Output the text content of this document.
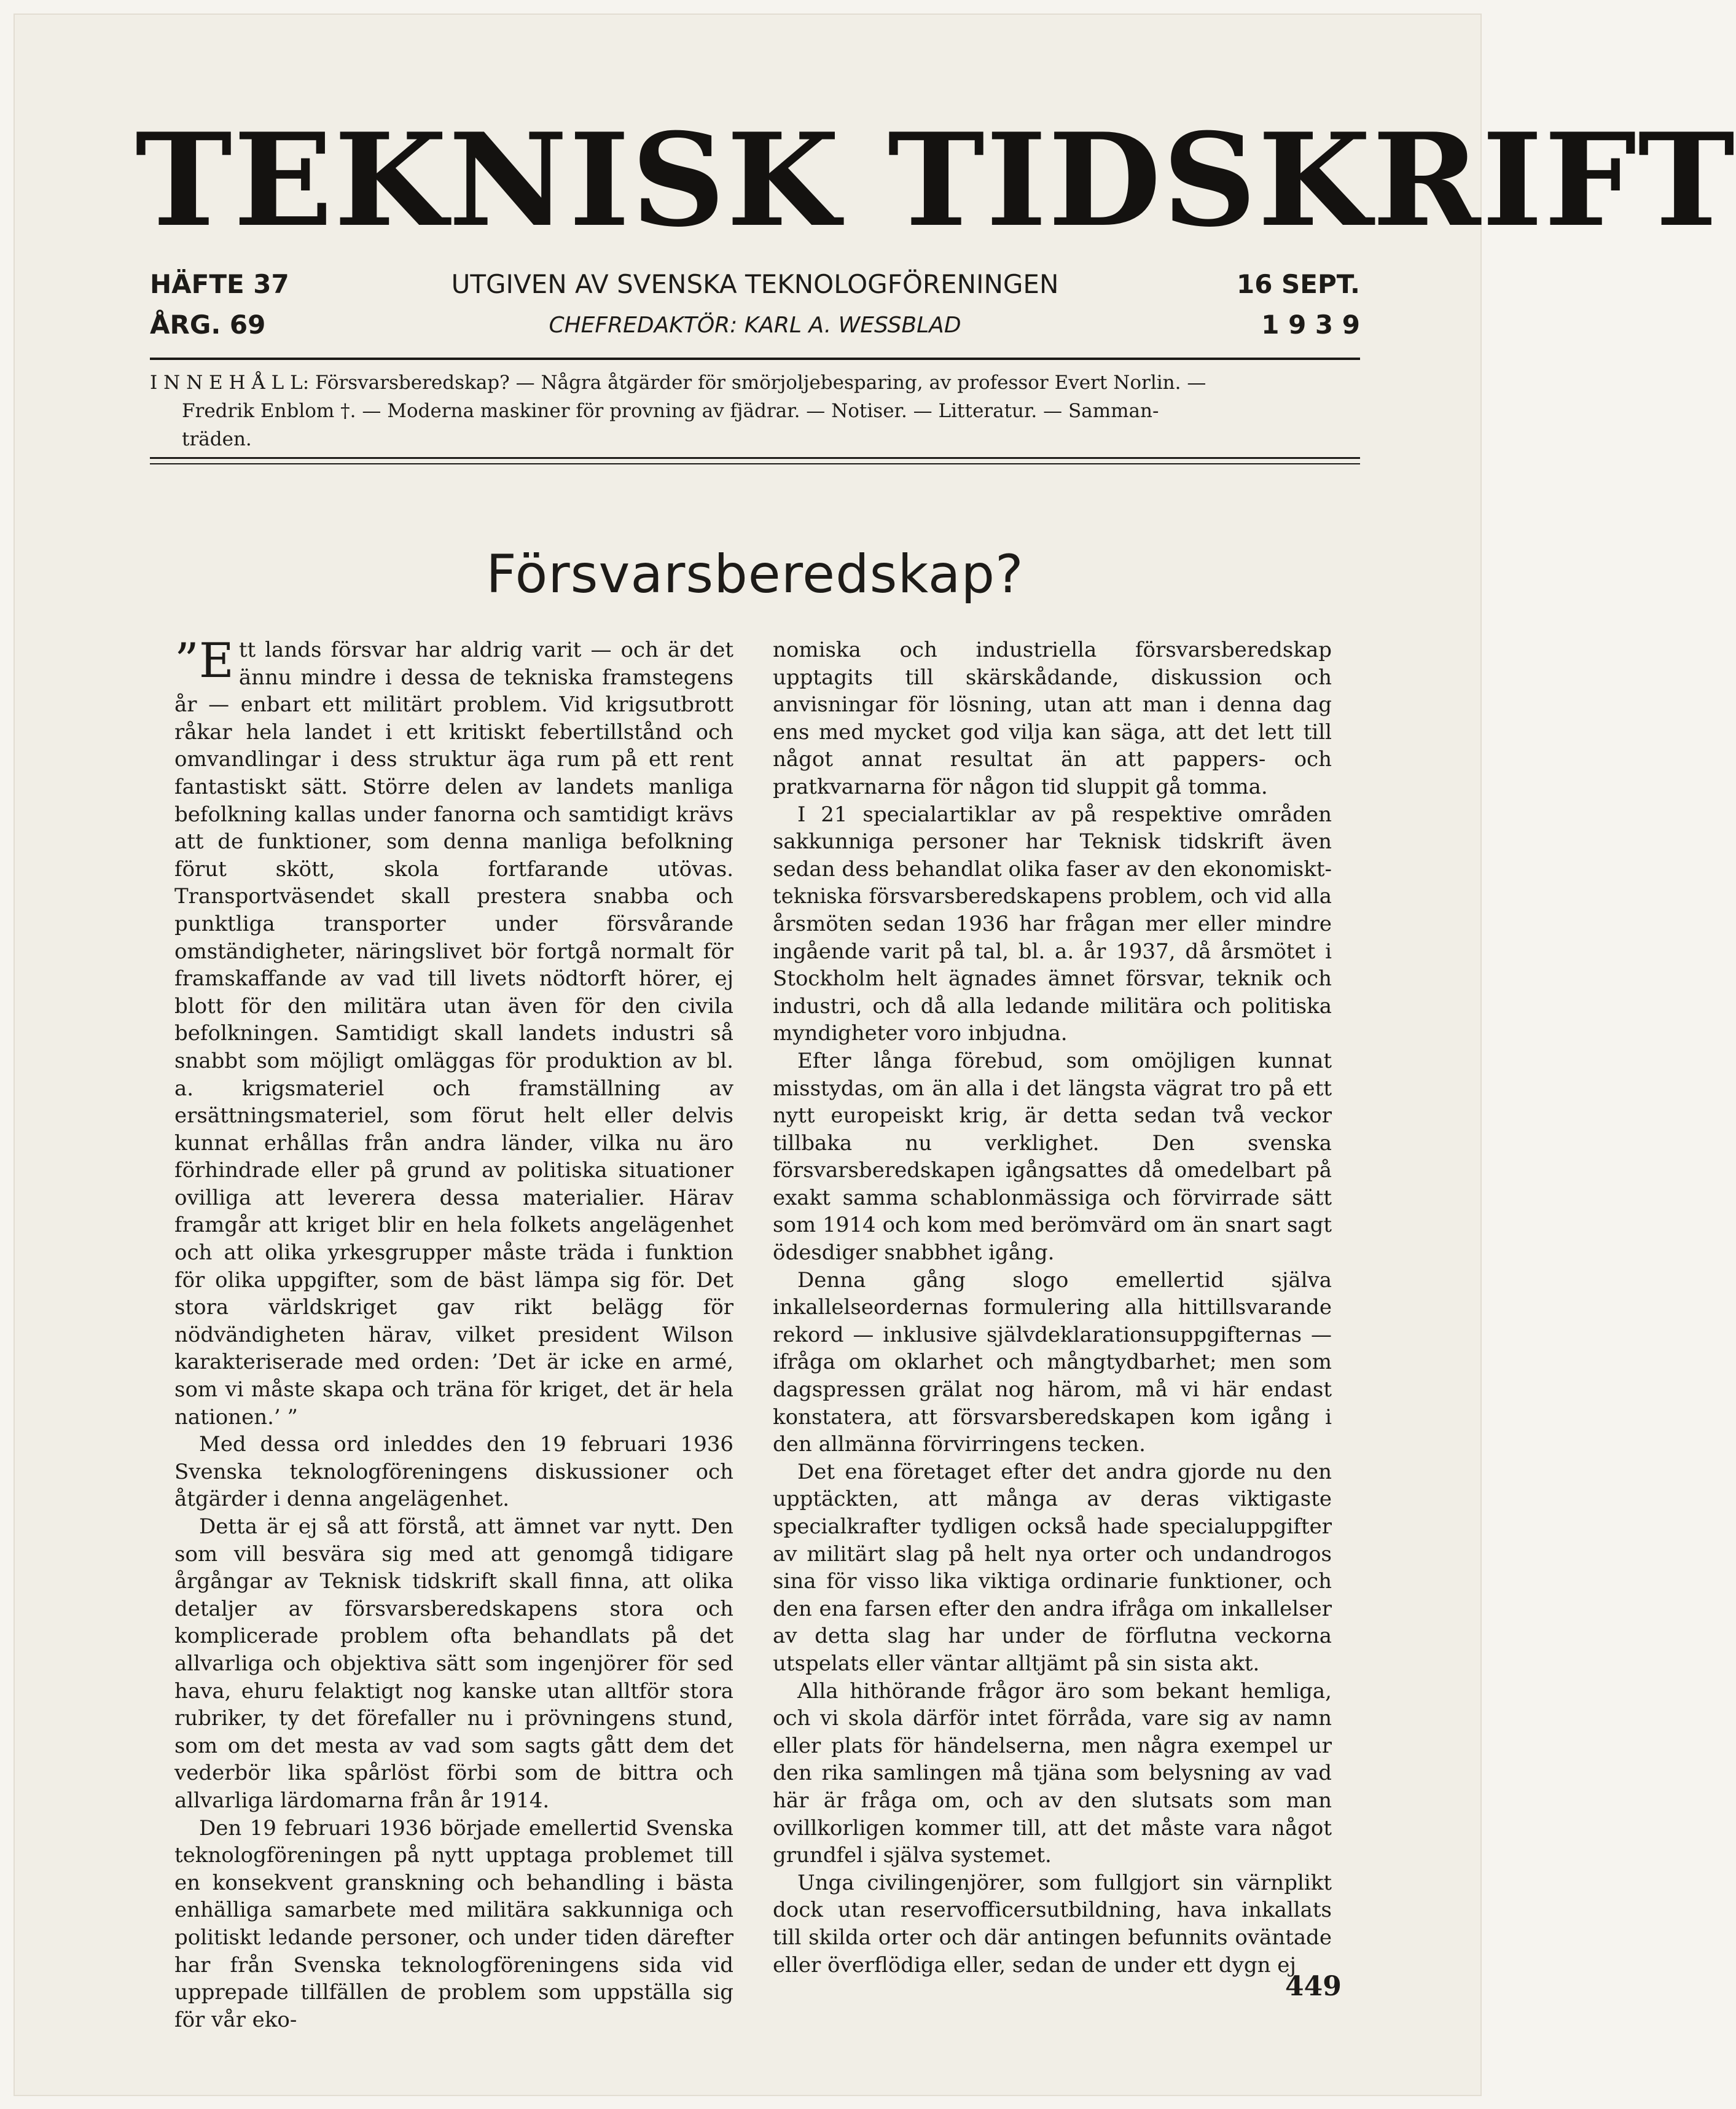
TEKNISK TIDSKRIFT
HÄFTE 37	UTGIVEN AV SVENSKA TEKNOLOGFÖRENINGEN	16 SEPT.
ÅRG. 69	CHEFREDAKTÖR: KARL A. WESSBLAD	1 9 3 9
I N N E H Å L L: Försvarsberedskap? — Några åtgärder för smörjoljebesparing, av professor Evert Norlin. —
Fredrik Enblom †. — Moderna maskiner för provning av fjädrar. — Notiser. — Litteratur. — Samman-
träden.
Försvarsberedskap?

”E tt lands försvar har aldrig varit — och är det ännu mindre i dessa de tekniska framstegens år — enbart ett militärt problem. Vid krigsutbrott råkar hela landet i ett kritiskt febertillstånd och omvandlingar i dess struktur äga rum på ett rent fantastiskt sätt. Större delen av landets manliga befolkning kallas under fanorna och samtidigt krävs att de funktioner, som denna manliga befolkning förut skött, skola fortfarande utövas. Transportväsendet skall prestera snabba och punktliga transporter under försvårande omständigheter, näringslivet bör fortgå normalt för framskaffande av vad till livets nödtorft hörer, ej blott för den militära utan även för den civila befolkningen. Samtidigt skall landets industri så snabbt som möjligt omläggas för produktion av bl. a. krigsmateriel och framställning av ersättningsmateriel, som förut helt eller delvis kunnat erhållas från andra länder, vilka nu äro förhindrade eller på grund av politiska situationer ovilliga att leverera dessa materialier. Härav framgår att kriget blir en hela folkets angelägenhet och att olika yrkesgrupper måste träda i funktion för olika uppgifter, som de bäst lämpa sig för. Det stora världskriget gav rikt belägg för nödvändigheten härav, vilket president Wilson karakteriserade med orden: ’Det är icke en armé, som vi måste skapa och träna för kriget, det är hela nationen.’ ”

Med dessa ord inleddes den 19 februari 1936 Svenska teknologföreningens diskussioner och åtgärder i denna angelägenhet.

Detta är ej så att förstå, att ämnet var nytt. Den som vill besvära sig med att genomgå tidigare årgångar av Teknisk tidskrift skall finna, att olika detaljer av försvarsberedskapens stora och komplicerade problem ofta behandlats på det allvarliga och objektiva sätt som ingenjörer för sed hava, ehuru felaktigt nog kanske utan alltför stora rubriker, ty det förefaller nu i prövningens stund, som om det mesta av vad som sagts gått dem det vederbör lika spårlöst förbi som de bittra och allvarliga lärdomarna från år 1914.

Den 19 februari 1936 började emellertid Svenska teknologföreningen på nytt upptaga problemet till en konsekvent granskning och behandling i bästa enhälliga samarbete med militära sakkunniga och politiskt ledande personer, och under tiden därefter har från Svenska teknologföreningens sida vid upprepade tillfällen de problem som uppställa sig för vår eko-

nomiska och industriella försvarsberedskap upptagits till skärskådande, diskussion och anvisningar för lösning, utan att man i denna dag ens med mycket god vilja kan säga, att det lett till något annat resultat än att pappers- och pratkvarnarna för någon tid sluppit gå tomma.

I 21 specialartiklar av på respektive områden sakkunniga personer har Teknisk tidskrift även sedan dess behandlat olika faser av den ekonomiskt-tekniska försvarsberedskapens problem, och vid alla årsmöten sedan 1936 har frågan mer eller mindre ingående varit på tal, bl. a. år 1937, då årsmötet i Stockholm helt ägnades ämnet försvar, teknik och industri, och då alla ledande militära och politiska myndigheter voro inbjudna.

Efter långa förebud, som omöjligen kunnat misstydas, om än alla i det längsta vägrat tro på ett nytt europeiskt krig, är detta sedan två veckor tillbaka nu verklighet. Den svenska försvarsberedskapen igångsattes då omedelbart på exakt samma schablonmässiga och förvirrade sätt som 1914 och kom med berömvärd om än snart sagt ödesdiger snabbhet igång.

Denna gång slogo emellertid själva inkallelseordernas formulering alla hittillsvarande rekord — inklusive självdeklarationsuppgifternas — ifråga om oklarhet och mångtydbarhet; men som dagspressen grälat nog härom, må vi här endast konstatera, att försvarsberedskapen kom igång i den allmänna förvirringens tecken.

Det ena företaget efter det andra gjorde nu den upptäckten, att många av deras viktigaste specialkrafter tydligen också hade specialuppgifter av militärt slag på helt nya orter och undandrogos sina för visso lika viktiga ordinarie funktioner, och den ena farsen efter den andra ifråga om inkallelser av detta slag har under de förflutna veckorna utspelats eller väntar alltjämt på sin sista akt.

Alla hithörande frågor äro som bekant hemliga, och vi skola därför intet förråda, vare sig av namn eller plats för händelserna, men några exempel ur den rika samlingen må tjäna som belysning av vad här är fråga om, och av den slutsats som man ovillkorligen kommer till, att det måste vara något grundfel i själva systemet.

Unga civilingenjörer, som fullgjort sin värnplikt dock utan reservofficersutbildning, hava inkallats till skilda orter och där antingen befunnits oväntade eller överflödiga eller, sedan de under ett dygn ej

449
